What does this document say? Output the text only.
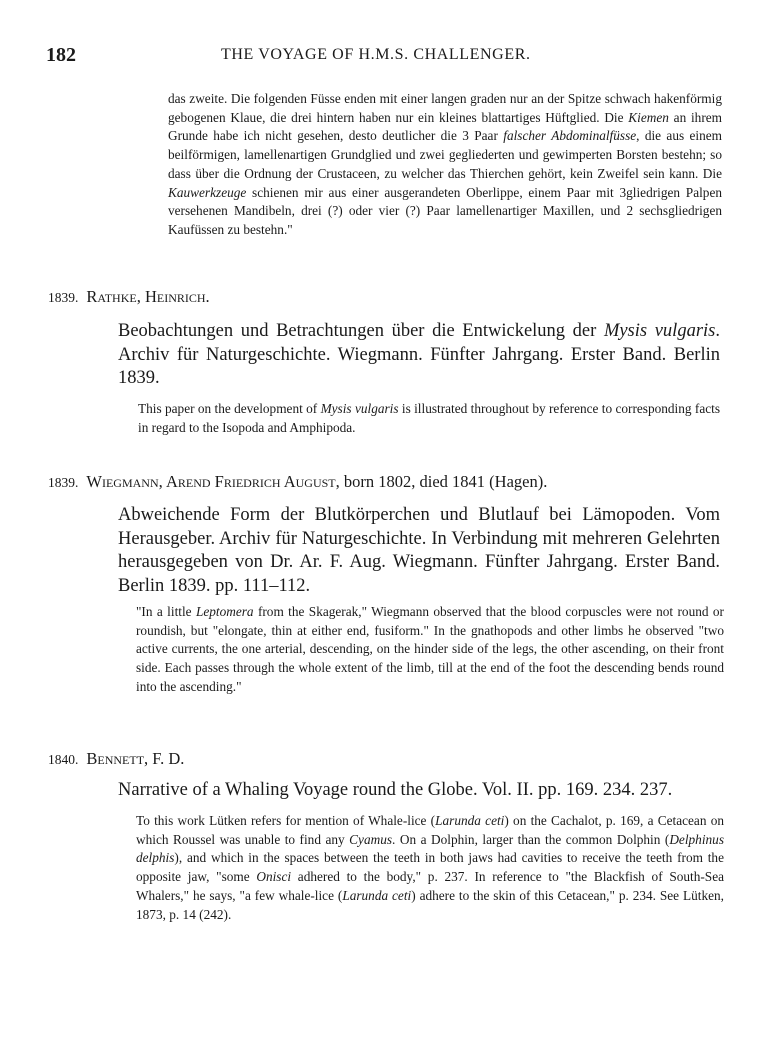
182	THE VOYAGE OF H.M.S. CHALLENGER.
das zweite. Die folgenden Füsse enden mit einer langen graden nur an der Spitze schwach hakenförmig gebogenen Klaue, die drei hintern haben nur ein kleines blattartiges Hüftglied. Die Kiemen an ihrem Grunde habe ich nicht gesehen, desto deutlicher die 3 Paar falscher Abdominalfüsse, die aus einem beilförmigen, lamellenartigen Grundglied und zwei gegliederten und gewimperten Borsten bestehn; so dass über die Ordnung der Crustaceen, zu welcher das Thierchen gehört, kein Zweifel sein kann. Die Kauwerkzeuge schienen mir aus einer ausgerandeten Oberlippe, einem Paar mit 3gliedrigen Palpen versehenen Mandibeln, drei (?) oder vier (?) Paar lamellenartiger Maxillen, und 2 sechsgliedrigen Kaufüssen zu bestehn."
1839. Rathke, Heinrich.
Beobachtungen und Betrachtungen über die Entwickelung der Mysis vulgaris. Archiv für Naturgeschichte. Wiegmann. Fünfter Jahrgang. Erster Band. Berlin 1839.
This paper on the development of Mysis vulgaris is illustrated throughout by reference to corresponding facts in regard to the Isopoda and Amphipoda.
1839. Wiegmann, Arend Friedrich August, born 1802, died 1841 (Hagen).
Abweichende Form der Blutkörperchen und Blutlauf bei Lämopoden. Vom Herausgeber. Archiv für Naturgeschichte. In Verbindung mit mehreren Gelehrten herausgegeben von Dr. Ar. F. Aug. Wiegmann. Fünfter Jahrgang. Erster Band. Berlin 1839. pp. 111–112.
"In a little Leptomera from the Skagerak," Wiegmann observed that the blood corpuscles were not round or roundish, but "elongate, thin at either end, fusiform." In the gnathopods and other limbs he observed "two active currents, the one arterial, descending, on the hinder side of the legs, the other ascending, on their front side. Each passes through the whole extent of the limb, till at the end of the foot the descending bends round into the ascending."
1840. Bennett, F. D.
Narrative of a Whaling Voyage round the Globe. Vol. II. pp. 169. 234. 237.
To this work Lütken refers for mention of Whale-lice (Larunda ceti) on the Cachalot, p. 169, a Cetacean on which Roussel was unable to find any Cyamus. On a Dolphin, larger than the common Dolphin (Delphinus delphis), and which in the spaces between the teeth in both jaws had cavities to receive the teeth from the opposite jaw, "some Onisci adhered to the body," p. 237. In reference to "the Blackfish of South-Sea Whalers," he says, "a few whale-lice (Larunda ceti) adhere to the skin of this Cetacean," p. 234. See Lütken, 1873, p. 14 (242).
